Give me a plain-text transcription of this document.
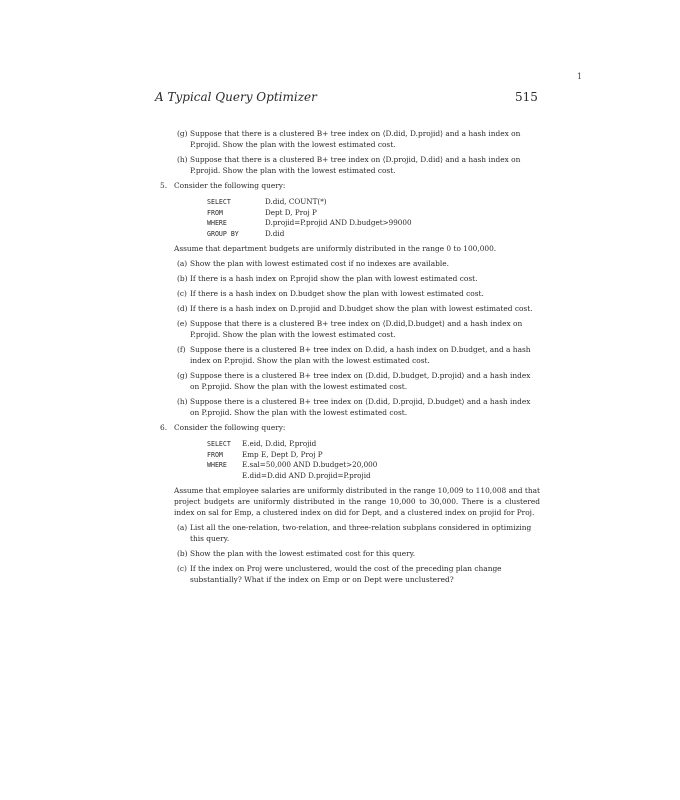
1
A Typical Query Optimizer	515
(g) Suppose that there is a clustered B+ tree index on ⟨D.did, D.projid⟩ and a hash index on P.projid. Show the plan with the lowest estimated cost.
(h) Suppose that there is a clustered B+ tree index on ⟨D.projid, D.did⟩ and a hash index on P.projid. Show the plan with the lowest estimated cost.
5. Consider the following query:
SELECT	D.did, COUNT(*)
FROM	Dept D, Proj P
WHERE	D.projid=P.projid AND D.budget>99000
GROUP BY	D.did
Assume that department budgets are uniformly distributed in the range 0 to 100,000.
(a) Show the plan with lowest estimated cost if no indexes are available.
(b) If there is a hash index on P.projid show the plan with lowest estimated cost.
(c) If there is a hash index on D.budget show the plan with lowest estimated cost.
(d) If there is a hash index on D.projid and D.budget show the plan with lowest estimated cost.
(e) Suppose that there is a clustered B+ tree index on ⟨D.did,D.budget⟩ and a hash index on P.projid. Show the plan with the lowest estimated cost.
(f) Suppose there is a clustered B+ tree index on D.did, a hash index on D.budget, and a hash index on P.projid. Show the plan with the lowest estimated cost.
(g) Suppose there is a clustered B+ tree index on ⟨D.did, D.budget, D.projid⟩ and a hash index on P.projid. Show the plan with the lowest estimated cost.
(h) Suppose there is a clustered B+ tree index on ⟨D.did, D.projid, D.budget⟩ and a hash index on P.projid. Show the plan with the lowest estimated cost.
6. Consider the following query:
SELECT	E.eid, D.did, P.projid
FROM	Emp E, Dept D, Proj P
WHERE	E.sal=50,000 AND D.budget>20,000
E.did=D.did AND D.projid=P.projid
Assume that employee salaries are uniformly distributed in the range 10,009 to 110,008 and that project budgets are uniformly distributed in the range 10,000 to 30,000. There is a clustered index on sal for Emp, a clustered index on did for Dept, and a clustered index on projid for Proj.
(a) List all the one-relation, two-relation, and three-relation subplans considered in optimizing this query.
(b) Show the plan with the lowest estimated cost for this query.
(c) If the index on Proj were unclustered, would the cost of the preceding plan change substantially? What if the index on Emp or on Dept were unclustered?
